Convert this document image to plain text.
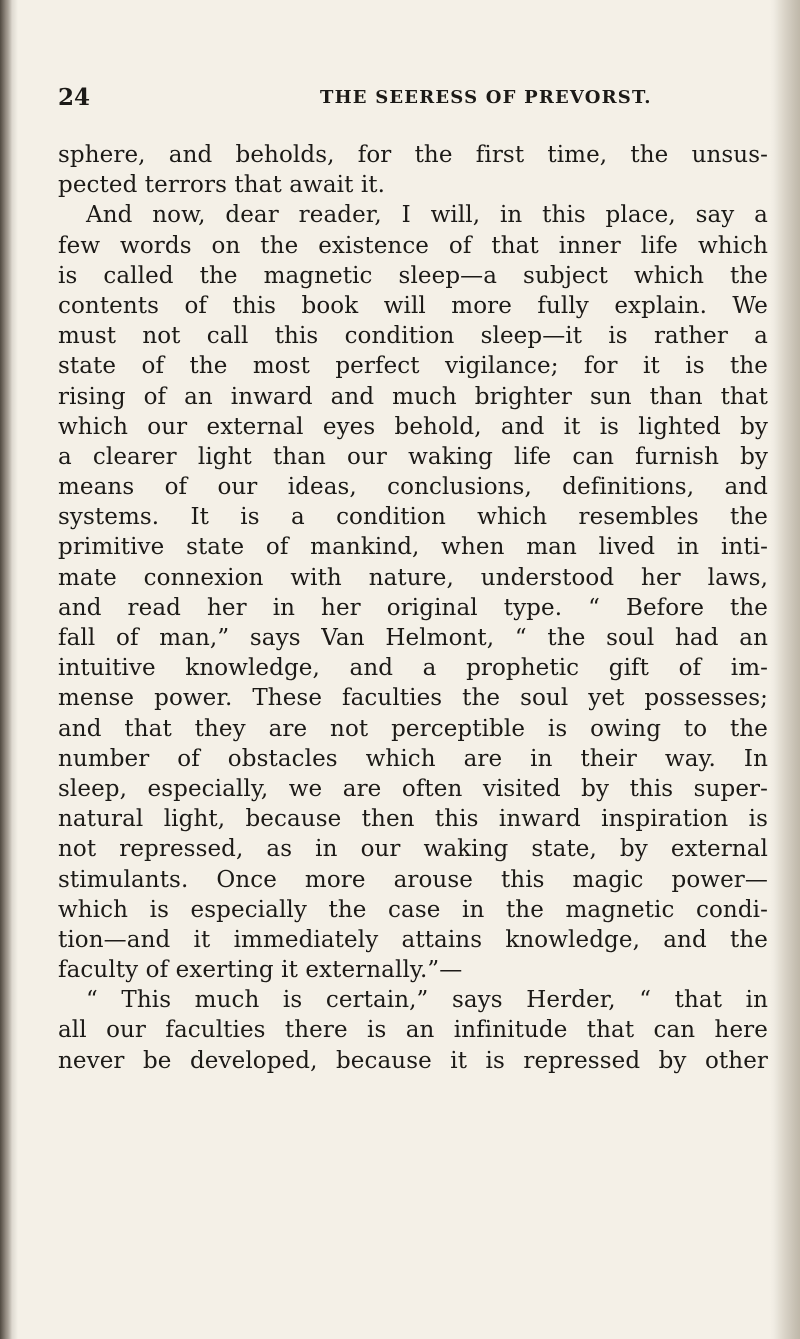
24	THE SEERESS OF PREVORST.
sphere, and beholds, for the first time, the unsus-
pected terrors that await it.
And now, dear reader, I will, in this place, say a
few words on the existence of that inner life which
is called the magnetic sleep—a subject which the
contents of this book will more fully explain. We
must not call this condition sleep—it is rather a
state of the most perfect vigilance; for it is the
rising of an inward and much brighter sun than that
which our external eyes behold, and it is lighted by
a clearer light than our waking life can furnish by
means of our ideas, conclusions, definitions, and
systems. It is a condition which resembles the
primitive state of mankind, when man lived in inti-
mate connexion with nature, understood her laws,
and read her in her original type. “ Before the
fall of man,” says Van Helmont, “ the soul had an
intuitive knowledge, and a prophetic gift of im-
mense power. These faculties the soul yet possesses;
and that they are not perceptible is owing to the
number of obstacles which are in their way. In
sleep, especially, we are often visited by this super-
natural light, because then this inward inspiration is
not repressed, as in our waking state, by external
stimulants. Once more arouse this magic power—
which is especially the case in the magnetic condi-
tion—and it immediately attains knowledge, and the
faculty of exerting it externally.”—
“ This much is certain,” says Herder, “ that in
all our faculties there is an infinitude that can here
never be developed, because it is repressed by other
